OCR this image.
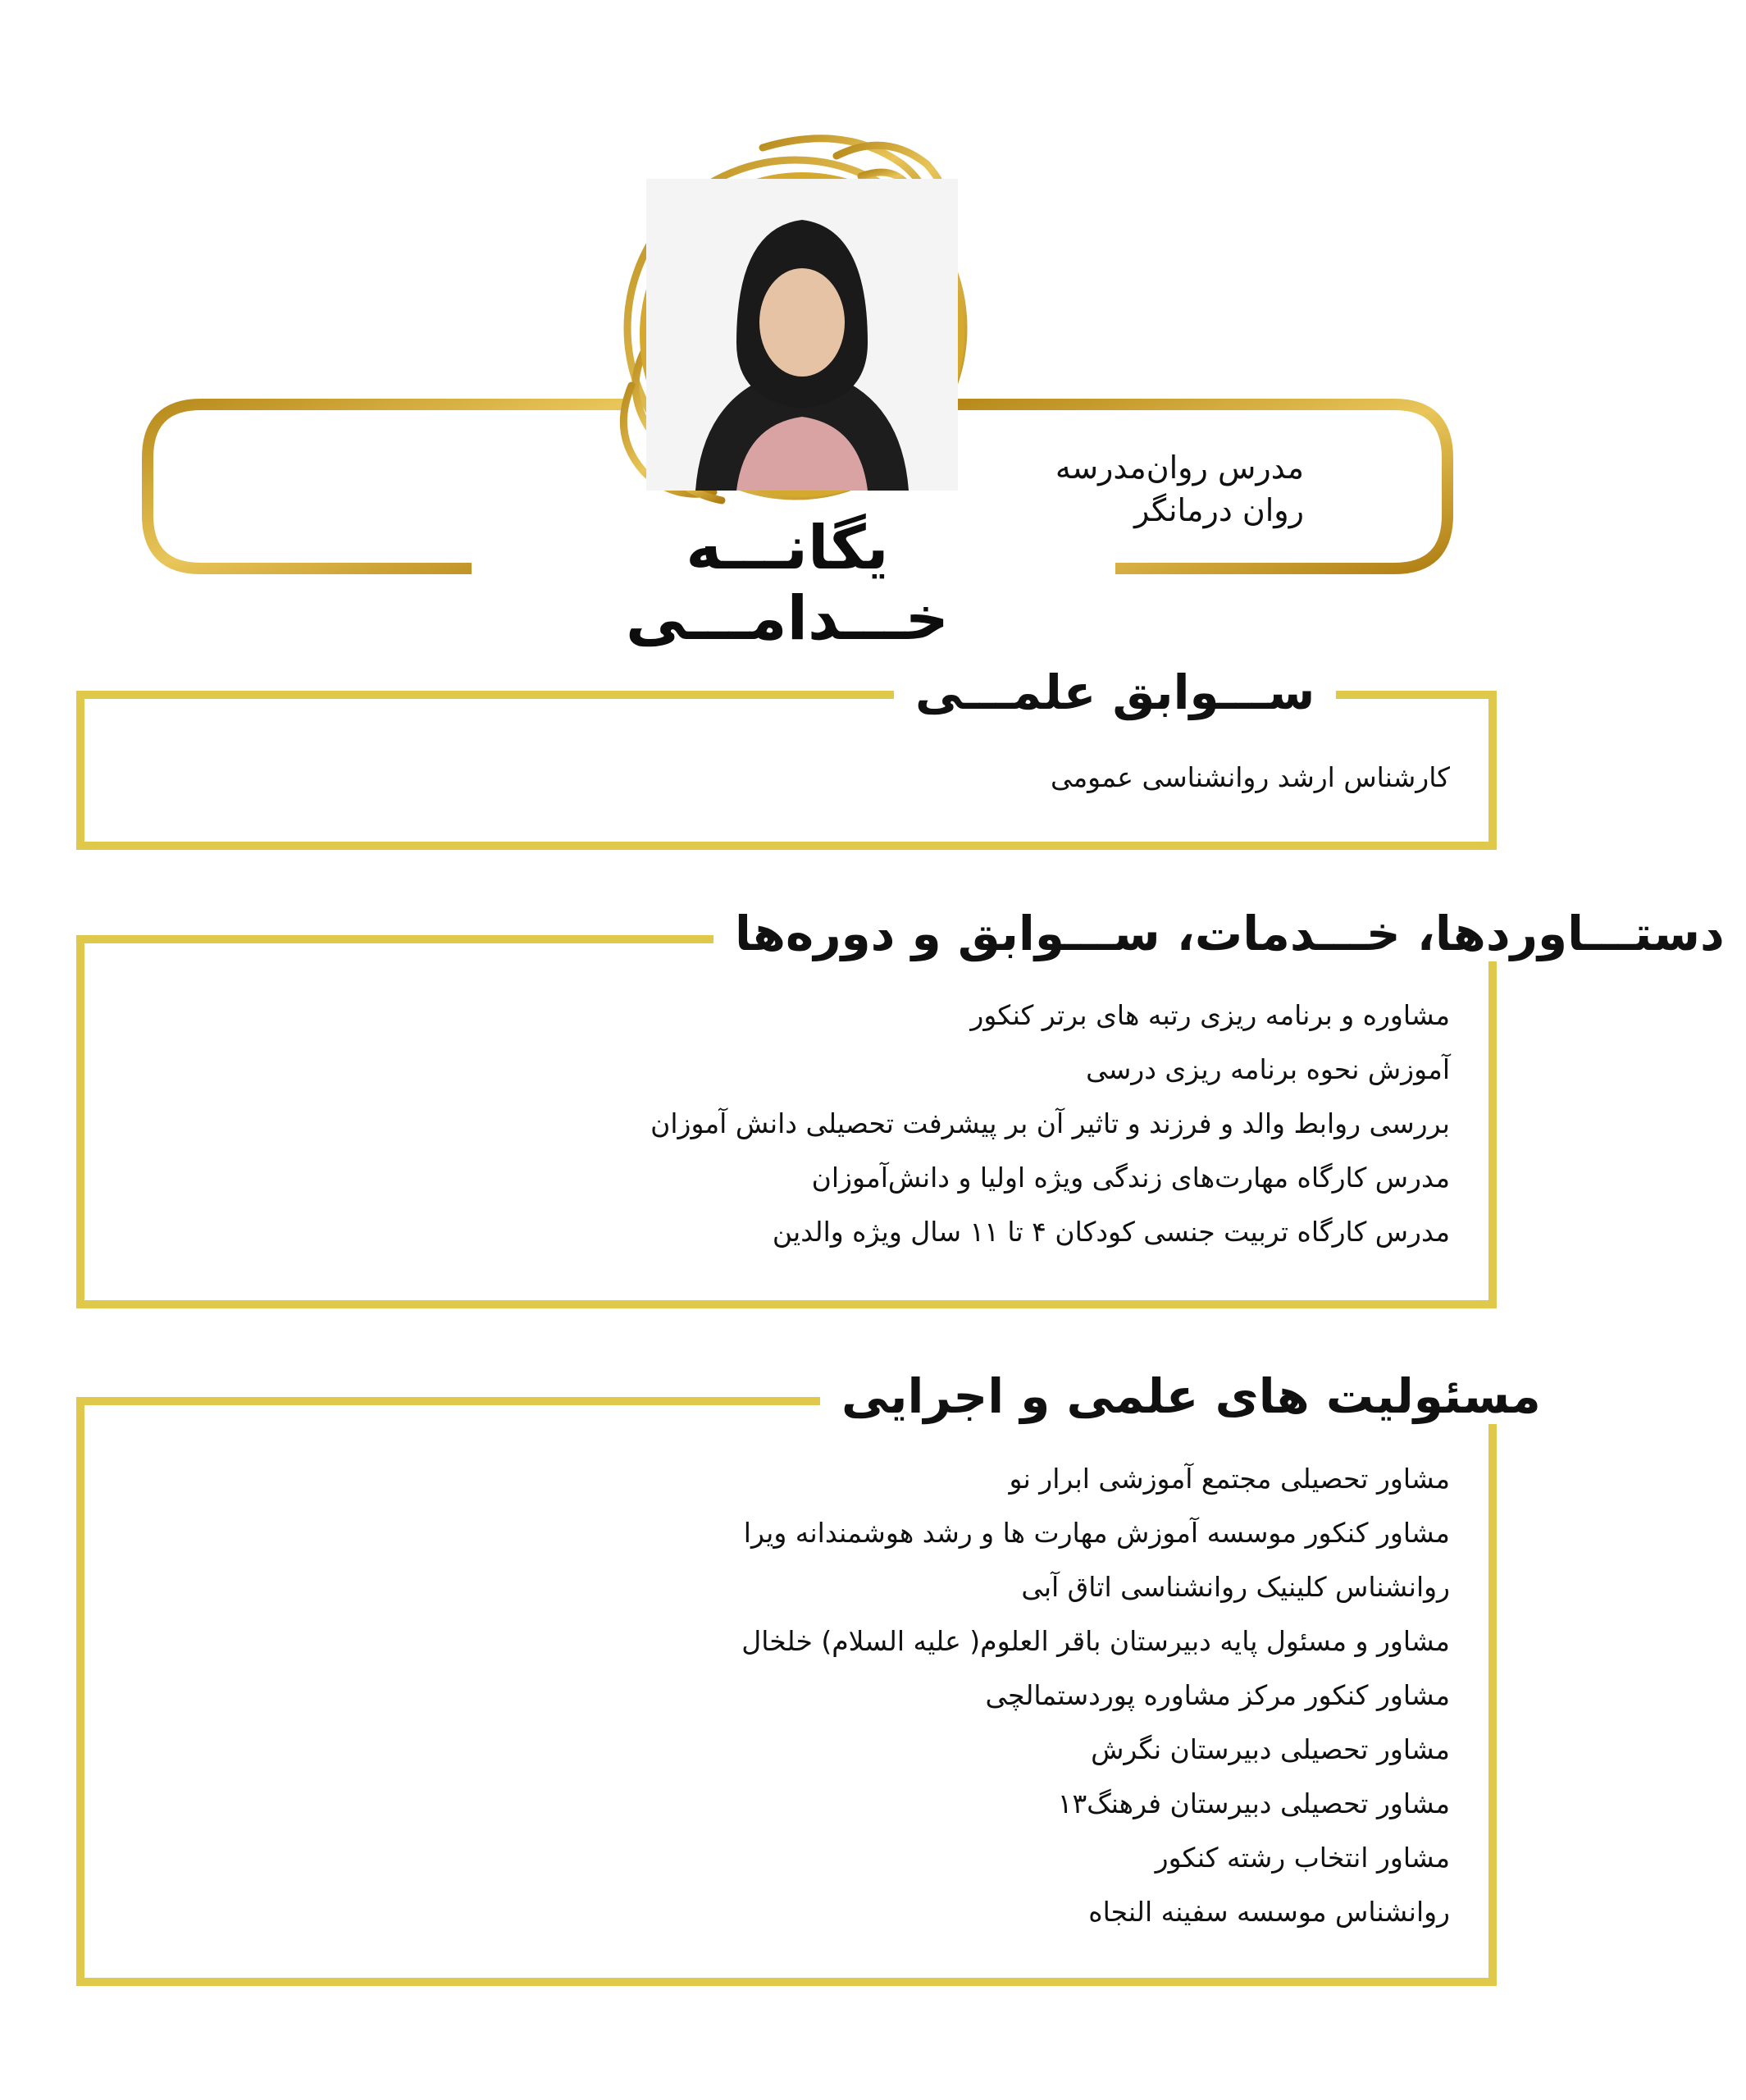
مدرس روان‌مدرسه
روان درمانگر
یگانـــه خـــدامـــی
ســـوابق علمـــی
کارشناس ارشد روانشناسی عمومی
دستـــاوردها، خـــدمات، ســـوابق و دوره‌ها
مشاوره و برنامه ریزی رتبه های برتر کنکور
آموزش نحوه برنامه ریزی درسی
بررسی روابط والد و فرزند و تاثیر آن بر پیشرفت تحصیلی دانش آموزان
مدرس کارگاه مهارت‌های زندگی ویژه اولیا و دانش‌آموزان
مدرس کارگاه تربیت جنسی کودکان ۴ تا ۱۱ سال ویژه والدین
مسئولیت های علمی و اجرایی
مشاور تحصیلی مجتمع آموزشی ابرار نو
مشاور کنکور موسسه آموزش مهارت ها و رشد هوشمندانه ویرا
روانشناس کلینیک روانشناسی اتاق آبی
مشاور و مسئول پایه دبیرستان باقر العلوم( علیه السلام) خلخال
مشاور کنکور مرکز مشاوره پوردستمالچی
مشاور تحصیلی دبیرستان نگرش
مشاور تحصیلی دبیرستان فرهنگ۱۳
مشاور انتخاب رشته کنکور
روانشناس موسسه سفینه النجاه
